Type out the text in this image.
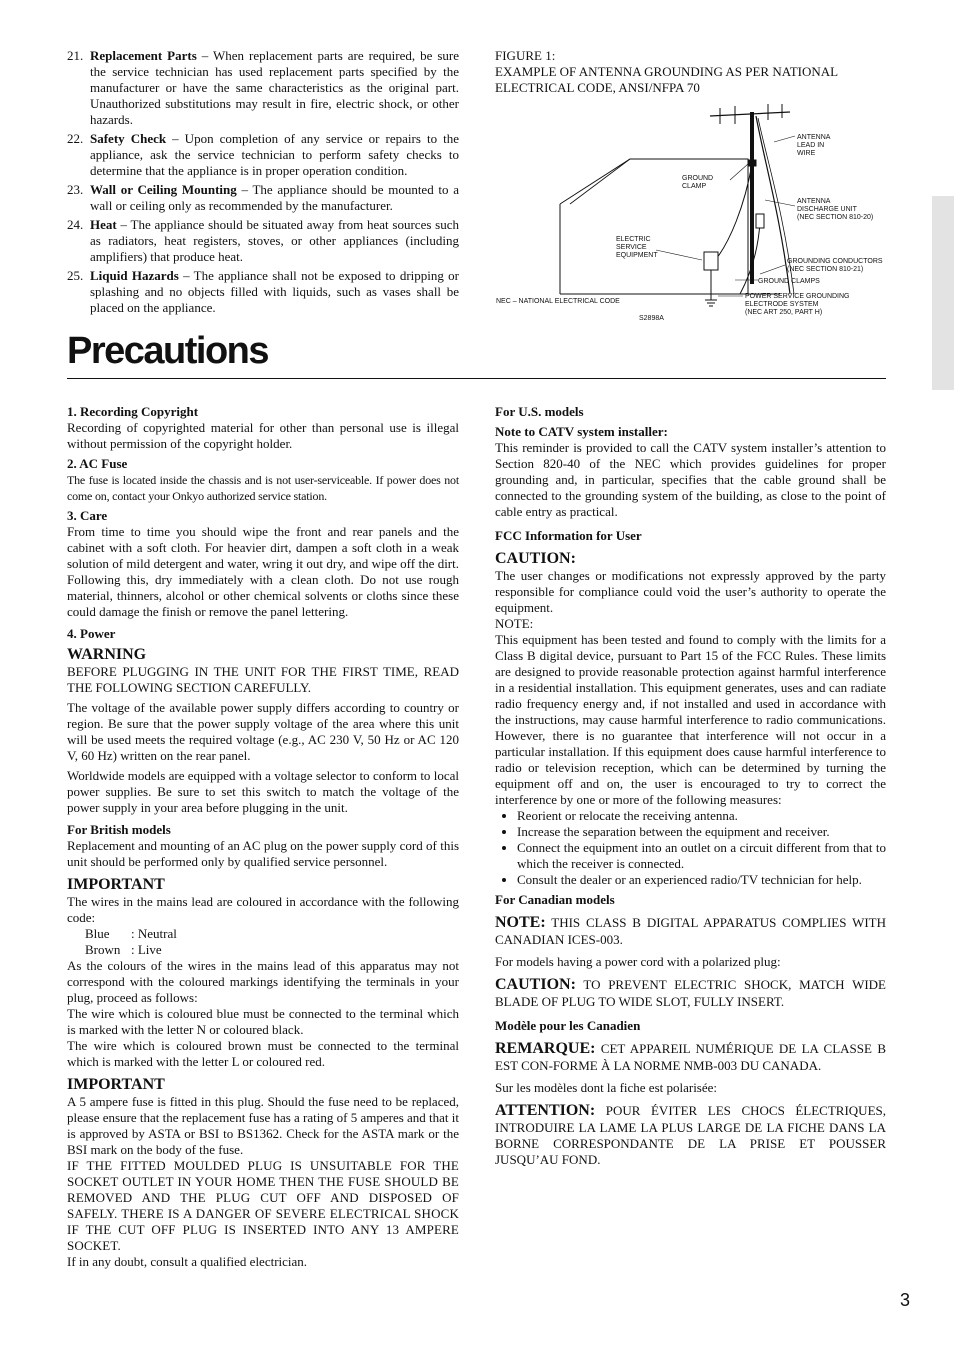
21. Replacement Parts – When replacement parts are required, be sure the service technician has used replacement parts specified by the manufacturer or have the same characteristics as the original part. Unauthorized substitutions may result in fire, electric shock, or other hazards.
22. Safety Check – Upon completion of any service or repairs to the appliance, ask the service technician to perform safety checks to determine that the appliance is in proper operation condition.
23. Wall or Ceiling Mounting – The appliance should be mounted to a wall or ceiling only as recommended by the manufacturer.
24. Heat – The appliance should be situated away from heat sources such as radiators, heat registers, stoves, or other appliances (including amplifiers) that produce heat.
25. Liquid Hazards – The appliance shall not be exposed to dripping or splashing and no objects filled with liquids, such as vases shall be placed on the appliance.
FIGURE 1:
EXAMPLE OF ANTENNA GROUNDING AS PER NATIONAL
ELECTRICAL CODE, ANSI/NFPA 70
ANTENNA LEAD IN WIRE
GROUND CLAMP
ANTENNA DISCHARGE UNIT (NEC SECTION 810-20)
ELECTRIC SERVICE EQUIPMENT
GROUNDING CONDUCTORS (NEC SECTION 810-21)
GROUND CLAMPS
NEC – NATIONAL ELECTRICAL CODE
POWER SERVICE GROUNDING ELECTRODE SYSTEM (NEC ART 250, PART H)
S2898A
Precautions
1. Recording Copyright

Recording of copyrighted material for other than personal use is illegal without permission of the copyright holder.

2. AC Fuse

The fuse is located inside the chassis and is not user-serviceable. If power does not come on, contact your Onkyo authorized service station.

3. Care

From time to time you should wipe the front and rear panels and the cabinet with a soft cloth. For heavier dirt, dampen a soft cloth in a weak solution of mild detergent and water, wring it out dry, and wipe off the dirt. Following this, dry immediately with a clean cloth. Do not use rough material, thinners, alcohol or other chemical solvents or cloths since these could damage the finish or remove the panel lettering.

4. Power
WARNING

BEFORE PLUGGING IN THE UNIT FOR THE FIRST TIME, READ THE FOLLOWING SECTION CAREFULLY.

The voltage of the available power supply differs according to country or region. Be sure that the power supply voltage of the area where this unit will be used meets the required voltage (e.g., AC 230 V, 50 Hz or AC 120 V, 60 Hz) written on the rear panel.

Worldwide models are equipped with a voltage selector to conform to local power supplies. Be sure to set this switch to match the voltage of the power supply in your area before plugging in the unit.

For British models

Replacement and mounting of an AC plug on the power supply cord of this unit should be performed only by qualified service personnel.

IMPORTANT

The wires in the mains lead are coloured in accordance with the following code:

Blue	: Neutral
Brown : Live

As the colours of the wires in the mains lead of this apparatus may not correspond with the coloured markings identifying the terminals in your plug, proceed as follows:

The wire which is coloured blue must be connected to the terminal which is marked with the letter N or coloured black.

The wire which is coloured brown must be connected to the terminal which is marked with the letter L or coloured red.

IMPORTANT

A 5 ampere fuse is fitted in this plug. Should the fuse need to be replaced, please ensure that the replacement fuse has a rating of 5 amperes and that it is approved by ASTA or BSI to BS1362. Check for the ASTA mark or the BSI mark on the body of the fuse.

IF THE FITTED MOULDED PLUG IS UNSUITABLE FOR THE SOCKET OUTLET IN YOUR HOME THEN THE FUSE SHOULD BE REMOVED AND THE PLUG CUT OFF AND DISPOSED OF SAFELY. THERE IS A DANGER OF SEVERE ELECTRICAL SHOCK IF THE CUT OFF PLUG IS INSERTED INTO ANY 13 AMPERE SOCKET.

If in any doubt, consult a qualified electrician.

For U.S. models
Note to CATV system installer:

This reminder is provided to call the CATV system installer’s attention to Section 820-40 of the NEC which provides guidelines for proper grounding and, in particular, specifies that the cable ground shall be connected to the grounding system of the building, as close to the point of cable entry as practical.

FCC Information for User
CAUTION:

The user changes or modifications not expressly approved by the party responsible for compliance could void the user’s authority to operate the equipment.

NOTE:

This equipment has been tested and found to comply with the limits for a Class B digital device, pursuant to Part 15 of the FCC Rules. These limits are designed to provide reasonable protection against harmful interference in a residential installation. This equipment generates, uses and can radiate radio frequency energy and, if not installed and used in accordance with the instructions, may cause harmful interference to radio communications. However, there is no guarantee that interference will not occur in a particular installation. If this equipment does cause harmful interference to radio or television reception, which can be determined by turning the equipment off and on, the user is encouraged to try to correct the interference by one or more of the following measures:

• Reorient or relocate the receiving antenna.
• Increase the separation between the equipment and receiver.
• Connect the equipment into an outlet on a circuit different from that to which the receiver is connected.
• Consult the dealer or an experienced radio/TV technician for help.
For Canadian models

NOTE: THIS CLASS B DIGITAL APPARATUS COMPLIES WITH CANADIAN ICES-003.

For models having a power cord with a polarized plug:

CAUTION: TO PREVENT ELECTRIC SHOCK, MATCH WIDE BLADE OF PLUG TO WIDE SLOT, FULLY INSERT.

Modèle pour les Canadien

REMARQUE: CET APPAREIL NUMÉRIQUE DE LA CLASSE B EST CON-FORME À LA NORME NMB-003 DU CANADA.

Sur les modèles dont la fiche est polarisée:

ATTENTION: POUR ÉVITER LES CHOCS ÉLECTRIQUES, INTRODUIRE LA LAME LA PLUS LARGE DE LA FICHE DANS LA BORNE CORRESPONDANTE DE LA PRISE ET POUSSER JUSQU’AU FOND.

3
